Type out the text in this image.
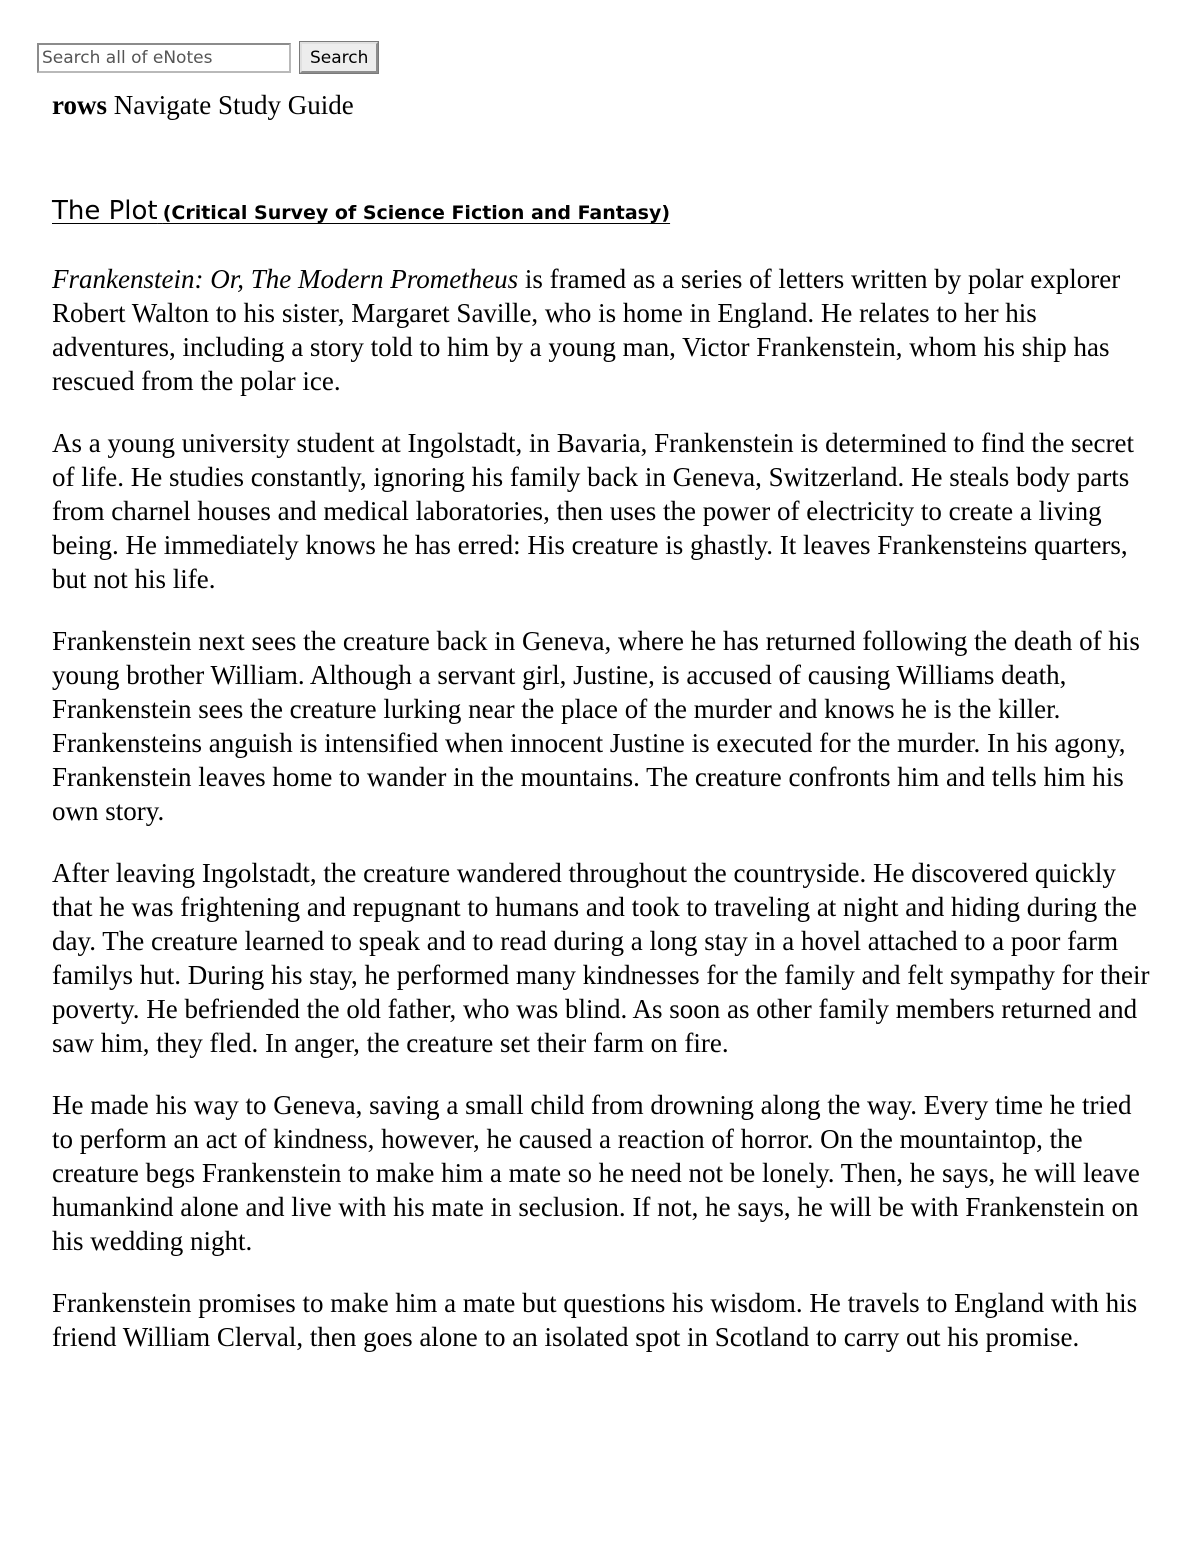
Search all of eNotes
Search
rows Navigate Study Guide
The Plot (Critical Survey of Science Fiction and Fantasy)

Frankenstein: Or, The Modern Prometheus is framed as a series of letters written by polar explorer Robert Walton to his sister, Margaret Saville, who is home in England. He relates to her his adventures, including a story told to him by a young man, Victor Frankenstein, whom his ship has rescued from the polar ice.

As a young university student at Ingolstadt, in Bavaria, Frankenstein is determined to find the secret of life. He studies constantly, ignoring his family back in Geneva, Switzerland. He steals body parts from charnel houses and medical laboratories, then uses the power of electricity to create a living being. He immediately knows he has erred: His creature is ghastly. It leaves Frankensteins quarters, but not his life.

Frankenstein next sees the creature back in Geneva, where he has returned following the death of his young brother William. Although a servant girl, Justine, is accused of causing Williams death, Frankenstein sees the creature lurking near the place of the murder and knows he is the killer. Frankensteins anguish is intensified when innocent Justine is executed for the murder. In his agony, Frankenstein leaves home to wander in the mountains. The creature confronts him and tells him his own story.

After leaving Ingolstadt, the creature wandered throughout the countryside. He discovered quickly that he was frightening and repugnant to humans and took to traveling at night and hiding during the day. The creature learned to speak and to read during a long stay in a hovel attached to a poor farm familys hut. During his stay, he performed many kindnesses for the family and felt sympathy for their poverty. He befriended the old father, who was blind. As soon as other family members returned and saw him, they fled. In anger, the creature set their farm on fire.

He made his way to Geneva, saving a small child from drowning along the way. Every time he tried to perform an act of kindness, however, he caused a reaction of horror. On the mountaintop, the creature begs Frankenstein to make him a mate so he need not be lonely. Then, he says, he will leave humankind alone and live with his mate in seclusion. If not, he says, he will be with Frankenstein on his wedding night.

Frankenstein promises to make him a mate but questions his wisdom. He travels to England with his friend William Clerval, then goes alone to an isolated spot in Scotland to carry out his promise.
